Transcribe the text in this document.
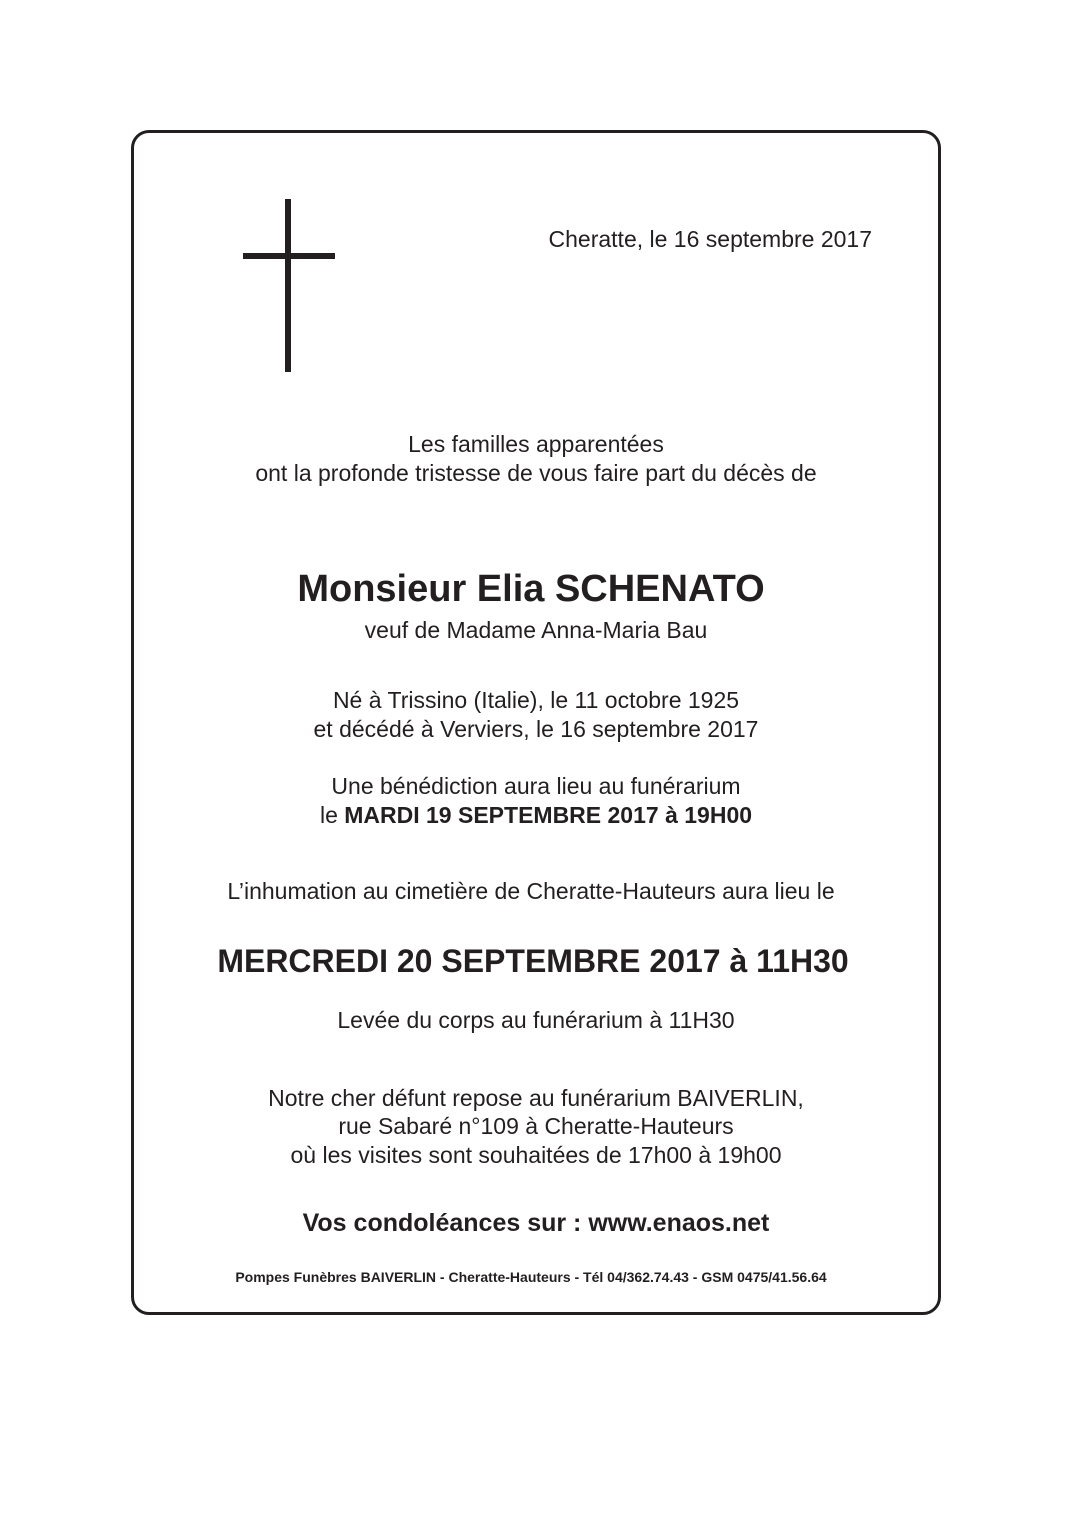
Cheratte, le 16 septembre 2017
Les familles apparentées
ont la profonde tristesse de vous faire part du décès de
Monsieur Elia SCHENATO
veuf de Madame Anna-Maria Bau
Né à Trissino (Italie), le 11 octobre 1925
et décédé à Verviers, le 16 septembre 2017
Une bénédiction aura lieu au funérarium
le MARDI 19 SEPTEMBRE 2017 à 19H00
L’inhumation au cimetière de Cheratte-Hauteurs aura lieu le
MERCREDI 20 SEPTEMBRE 2017 à 11H30
Levée du corps au funérarium à 11H30
Notre cher défunt repose au funérarium BAIVERLIN,
rue Sabaré n°109 à Cheratte-Hauteurs
où les visites sont souhaitées de 17h00 à 19h00
Vos condoléances sur : www.enaos.net
Pompes Funèbres BAIVERLIN - Cheratte-Hauteurs - Tél 04/362.74.43 - GSM 0475/41.56.64
